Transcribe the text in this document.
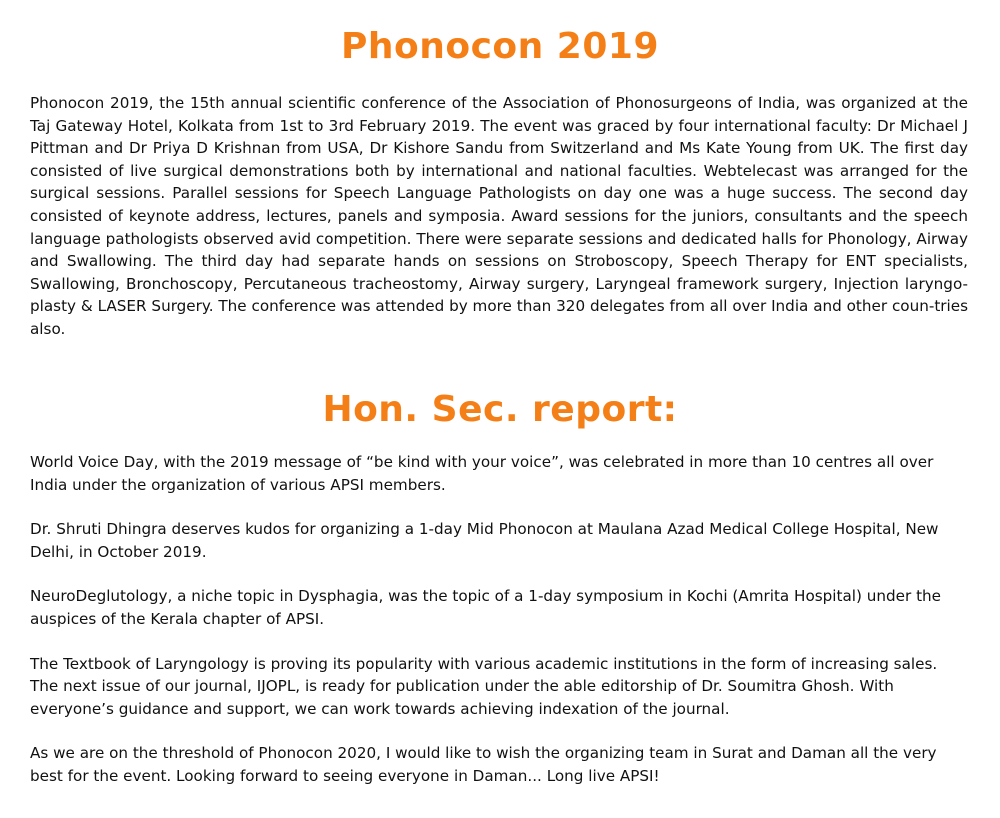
Phonocon 2019

Phonocon 2019, the 15th annual scientific conference of the Association of Phonosurgeons of India, was organized at the Taj Gateway Hotel, Kolkata from 1st to 3rd February 2019. The event was graced by four international faculty: Dr Michael J Pittman and Dr Priya D Krishnan from USA, Dr Kishore Sandu from Switzerland and Ms Kate Young from UK. The first day consisted of live surgical demonstrations both by international and national faculties. Webtelecast was arranged for the surgical sessions. Parallel sessions for Speech Language Pathologists on day one was a huge success. The second day consisted of keynote address, lectures, panels and symposia. Award sessions for the juniors, consultants and the speech language pathologists observed avid competition. There were separate sessions and dedicated halls for Phonology, Airway and Swallowing. The third day had separate hands on sessions on Stroboscopy, Speech Therapy for ENT specialists, Swallowing, Bronchoscopy, Percutaneous tracheostomy, Airway surgery, Laryngeal framework surgery, Injection laryngo-plasty & LASER Surgery. The conference was attended by more than 320 delegates from all over India and other coun-tries also.

Hon. Sec. report:

World Voice Day, with the 2019 message of “be kind with your voice”, was celebrated in more than 10 centres all over India under the organization of various APSI members.

Dr. Shruti Dhingra deserves kudos for organizing a 1-day Mid Phonocon at Maulana Azad Medical College Hospital, New Delhi, in October 2019.

NeuroDeglutology, a niche topic in Dysphagia, was the topic of a 1-day symposium in Kochi (Amrita Hospital) under the auspices of the Kerala chapter of APSI.

The Textbook of Laryngology is proving its popularity with various academic institutions in the form of increasing sales. The next issue of our journal, IJOPL, is ready for publication under the able editorship of Dr. Soumitra Ghosh. With everyone’s guidance and support, we can work towards achieving indexation of the journal.

As we are on the threshold of Phonocon 2020, I would like to wish the organizing team in Surat and Daman all the very best for the event. Looking forward to seeing everyone in Daman... Long live APSI!
